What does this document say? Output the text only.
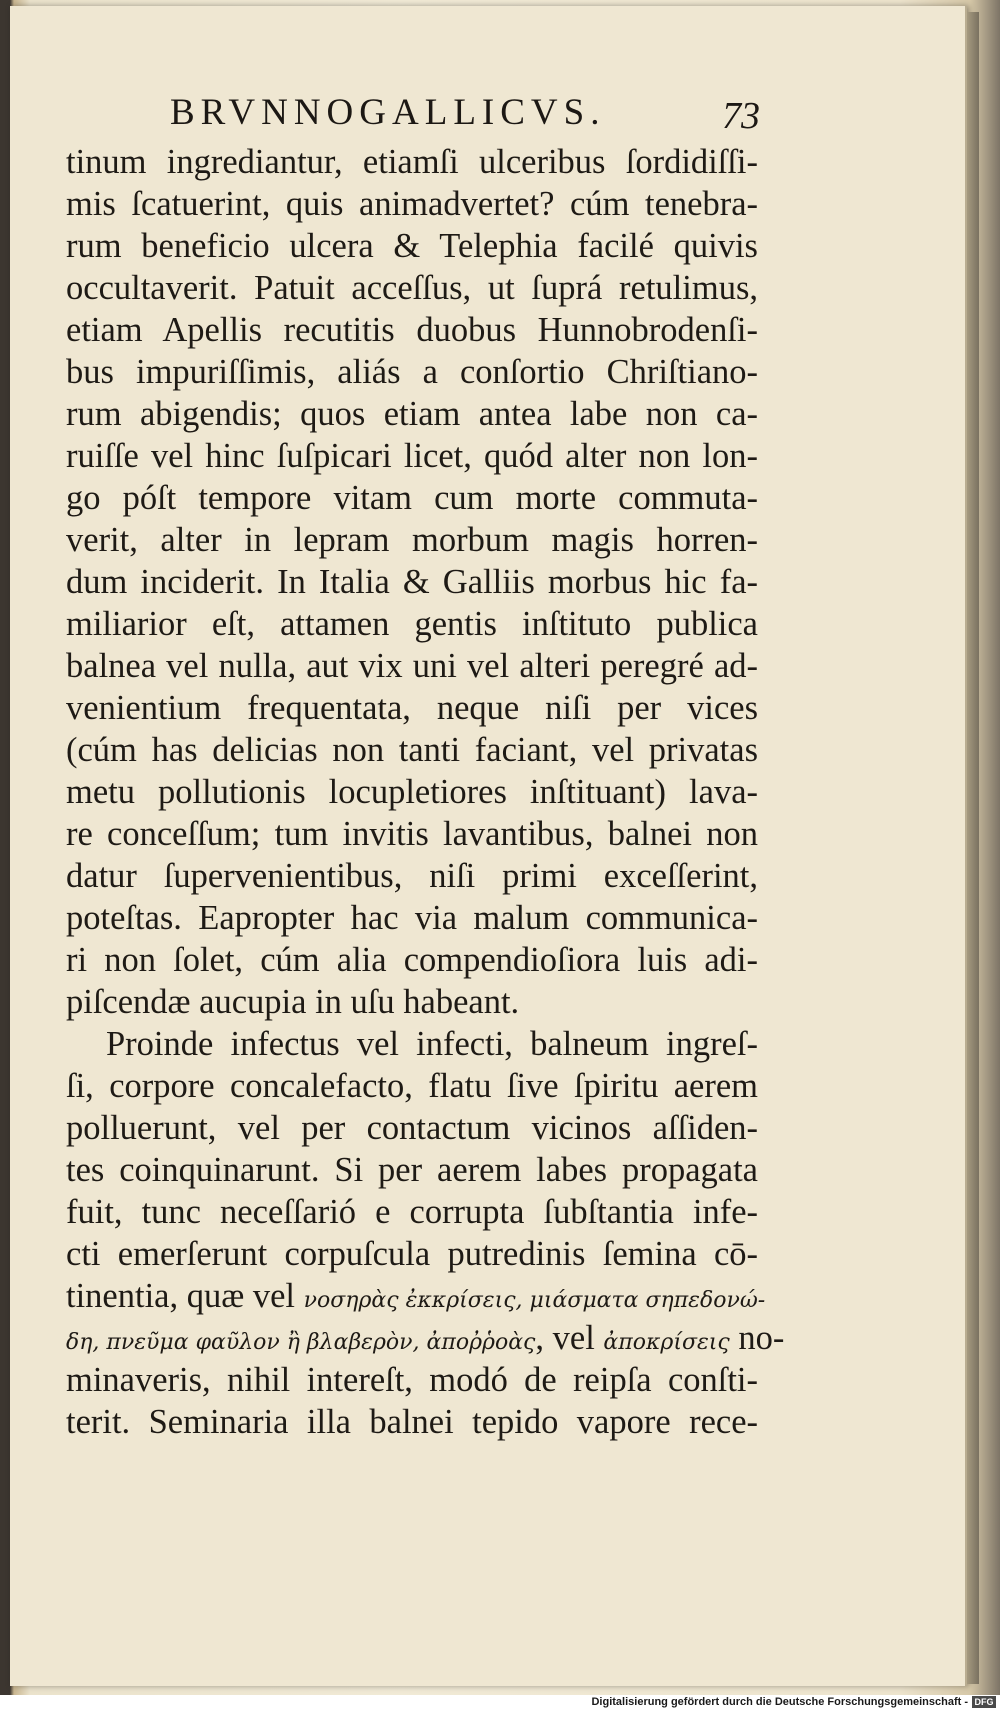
BRVNNOGALLICVS.	73
tinum ingrediantur, etiamſi ulceribus ſordidiſſi-
mis ſcatuerint, quis animadvertet? cúm tenebra-
rum beneficio ulcera & Telephia facilé quivis
occultaverit. Patuit acceſſus, ut ſuprá retulimus,
etiam Apellis recutitis duobus Hunnobrodenſi-
bus impuriſſimis, aliás a conſortio Chriſtiano-
rum abigendis; quos etiam antea labe non ca-
ruiſſe vel hinc ſuſpicari licet, quód alter non lon-
go póſt tempore vitam cum morte commuta-
verit, alter in lepram morbum magis horren-
dum inciderit. In Italia & Galliis morbus hic fa-
miliarior eſt, attamen gentis inſtituto publica
balnea vel nulla, aut vix uni vel alteri peregré ad-
venientium frequentata, neque niſi per vices
(cúm has delicias non tanti faciant, vel privatas
metu pollutionis locupletiores inſtituant) lava-
re conceſſum; tum invitis lavantibus, balnei non
datur ſupervenientibus, niſi primi exceſſerint,
poteſtas. Eapropter hac via malum communica-
ri non ſolet, cúm alia compendioſiora luis adi-
piſcendæ aucupia in uſu habeant.
Proinde infectus vel infecti, balneum ingreſ-
ſi, corpore concalefacto, flatu ſive ſpiritu aerem
polluerunt, vel per contactum vicinos aſſiden-
tes coinquinarunt. Si per aerem labes propagata
fuit, tunc neceſſarió e corrupta ſubſtantia infe-
cti emerſerunt corpuſcula putredinis ſemina cō-
tinentia, quæ vel νοσηρὰς ἐκκρίσεις, μιάσματα σηπεδονώ-
δη, πνεῦμα φαῦλον ἢ βλαβερὸν, ἀποῤῥοὰς, vel ἀποκρίσεις no-
minaveris, nihil intereſt, modó de reipſa conſti-
terit. Seminaria illa balnei tepido vapore rece-
Digitalisierung gefördert durch die Deutsche Forschungsgemeinschaft - DFG
